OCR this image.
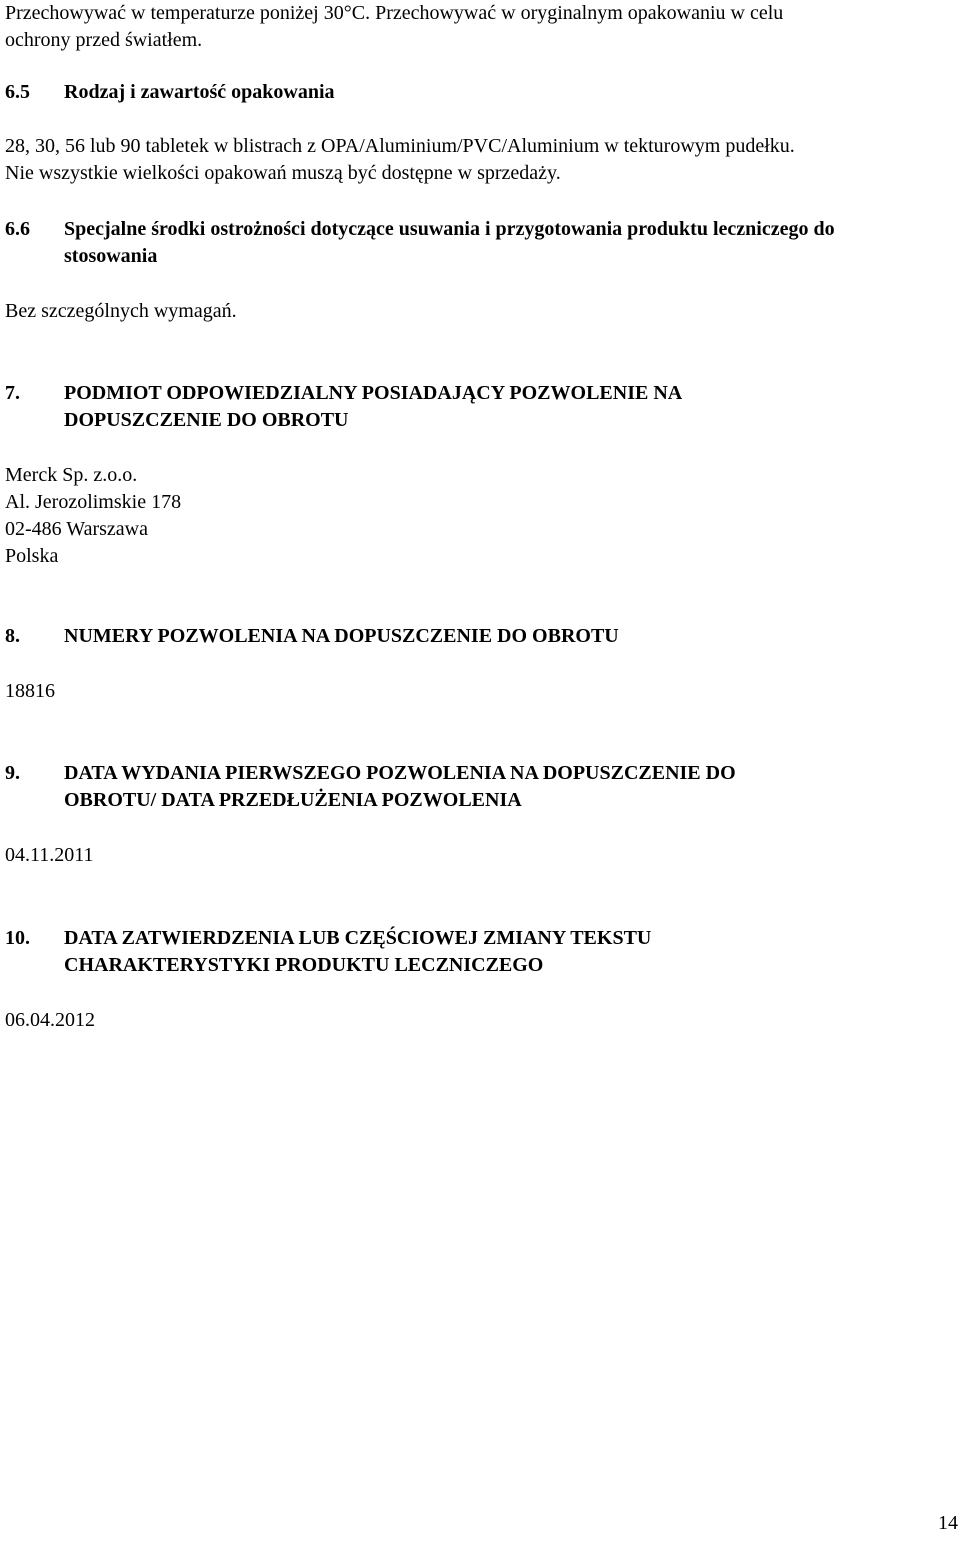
Przechowywać w temperaturze poniżej 30°C. Przechowywać w oryginalnym opakowaniu w celu
ochrony przed światłem.
6.5	Rodzaj i zawartość opakowania
28, 30, 56 lub 90 tabletek w blistrach z OPA/Aluminium/PVC/Aluminium w tekturowym pudełku.
Nie wszystkie wielkości opakowań muszą być dostępne w sprzedaży.
6.6	Specjalne środki ostrożności dotyczące usuwania i przygotowania produktu leczniczego do
stosowania
Bez szczególnych wymagań.
7.	PODMIOT ODPOWIEDZIALNY POSIADAJĄCY POZWOLENIE NA
DOPUSZCZENIE DO OBROTU
Merck Sp. z.o.o.
Al. Jerozolimskie 178
02-486 Warszawa
Polska
8.	NUMERY POZWOLENIA NA DOPUSZCZENIE DO OBROTU
18816
9.	DATA WYDANIA PIERWSZEGO POZWOLENIA NA DOPUSZCZENIE DO
OBROTU/ DATA PRZEDŁUŻENIA POZWOLENIA
04.11.2011
10.	DATA ZATWIERDZENIA LUB CZĘŚCIOWEJ ZMIANY TEKSTU
CHARAKTERYSTYKI PRODUKTU LECZNICZEGO
06.04.2012
14
